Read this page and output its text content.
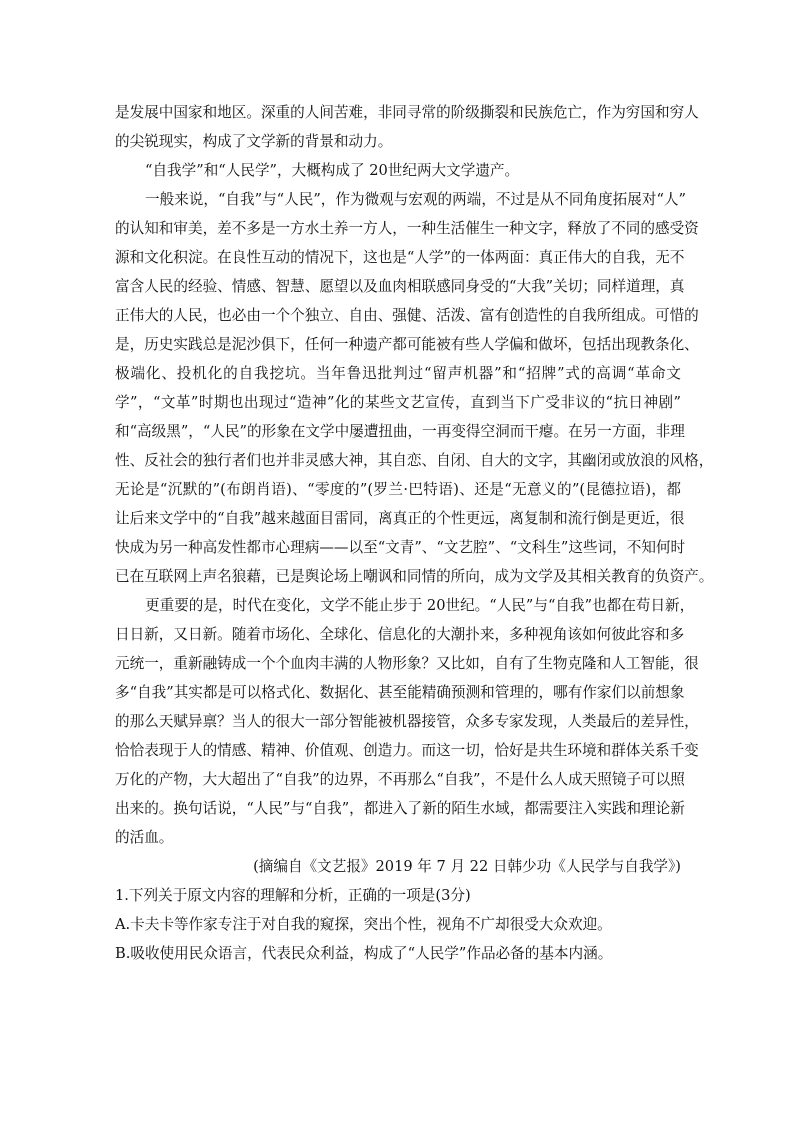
是发展中国家和地区。深重的人间苦难，非同寻常的阶级撕裂和民族危亡，作为穷国和穷人
的尖锐现实，构成了文学新的背景和动力。
“自我学”和“人民学”，大概构成了 20世纪两大文学遗产。
一般来说，“自我”与“人民”，作为微观与宏观的两端，不过是从不同角度拓展对“人”
的认知和审美，差不多是一方水土养一方人，一种生活催生一种文字，释放了不同的感受资
源和文化积淀。在良性互动的情况下，这也是“人学”的一体两面：真正伟大的自我，无不
富含人民的经验、情感、智慧、愿望以及血肉相联感同身受的“大我”关切；同样道理，真
正伟大的人民，也必由一个个独立、自由、强健、活泼、富有创造性的自我所组成。可惜的
是，历史实践总是泥沙俱下，任何一种遗产都可能被有些人学偏和做坏，包括出现教条化、
极端化、投机化的自我挖坑。当年鲁迅批判过“留声机器”和“招牌”式的高调“革命文
学”，“文革”时期也出现过“造神”化的某些文艺宣传，直到当下广受非议的“抗日神剧”
和“高级黑”，“人民”的形象在文学中屡遭扭曲，一再变得空洞而干瘪。在另一方面，非理
性、反社会的独行者们也并非灵感大神，其自恋、自闭、自大的文字，其幽闭或放浪的风格，
无论是“沉默的”(布朗肖语)、“零度的”(罗兰·巴特语)、还是“无意义的”(昆德拉语)，都
让后来文学中的“自我”越来越面目雷同，离真正的个性更远，离复制和流行倒是更近，很
快成为另一种高发性都市心理病——以至“文青”、“文艺腔”、“文科生”这些词，不知何时
已在互联网上声名狼藉，已是舆论场上嘲讽和同情的所向，成为文学及其相关教育的负资产。
更重要的是，时代在变化，文学不能止步于 20世纪。“人民”与“自我”也都在苟日新，
日日新，又日新。随着市场化、全球化、信息化的大潮扑来，多种视角该如何彼此容和多
元统一，重新融铸成一个个血肉丰满的人物形象？又比如，自有了生物克隆和人工智能，很
多“自我”其实都是可以格式化、数据化、甚至能精确预测和管理的，哪有作家们以前想象
的那么天赋异禀？当人的很大一部分智能被机器接管，众多专家发现，人类最后的差异性，
恰恰表现于人的情感、精神、价值观、创造力。而这一切，恰好是共生环境和群体关系千变
万化的产物，大大超出了“自我”的边界，不再那么“自我”，不是什么人成天照镜子可以照
出来的。换句话说，“人民”与“自我”，都进入了新的陌生水域，都需要注入实践和理论新
的活血。
(摘编自《文艺报》2019 年 7 月 22 日韩少功《人民学与自我学》)
1.下列关于原文内容的理解和分析，正确的一项是(3分)
A.卡夫卡等作家专注于对自我的窥探，突出个性，视角不广却很受大众欢迎。
B.吸收使用民众语言，代表民众利益，构成了“人民学”作品必备的基本内涵。
